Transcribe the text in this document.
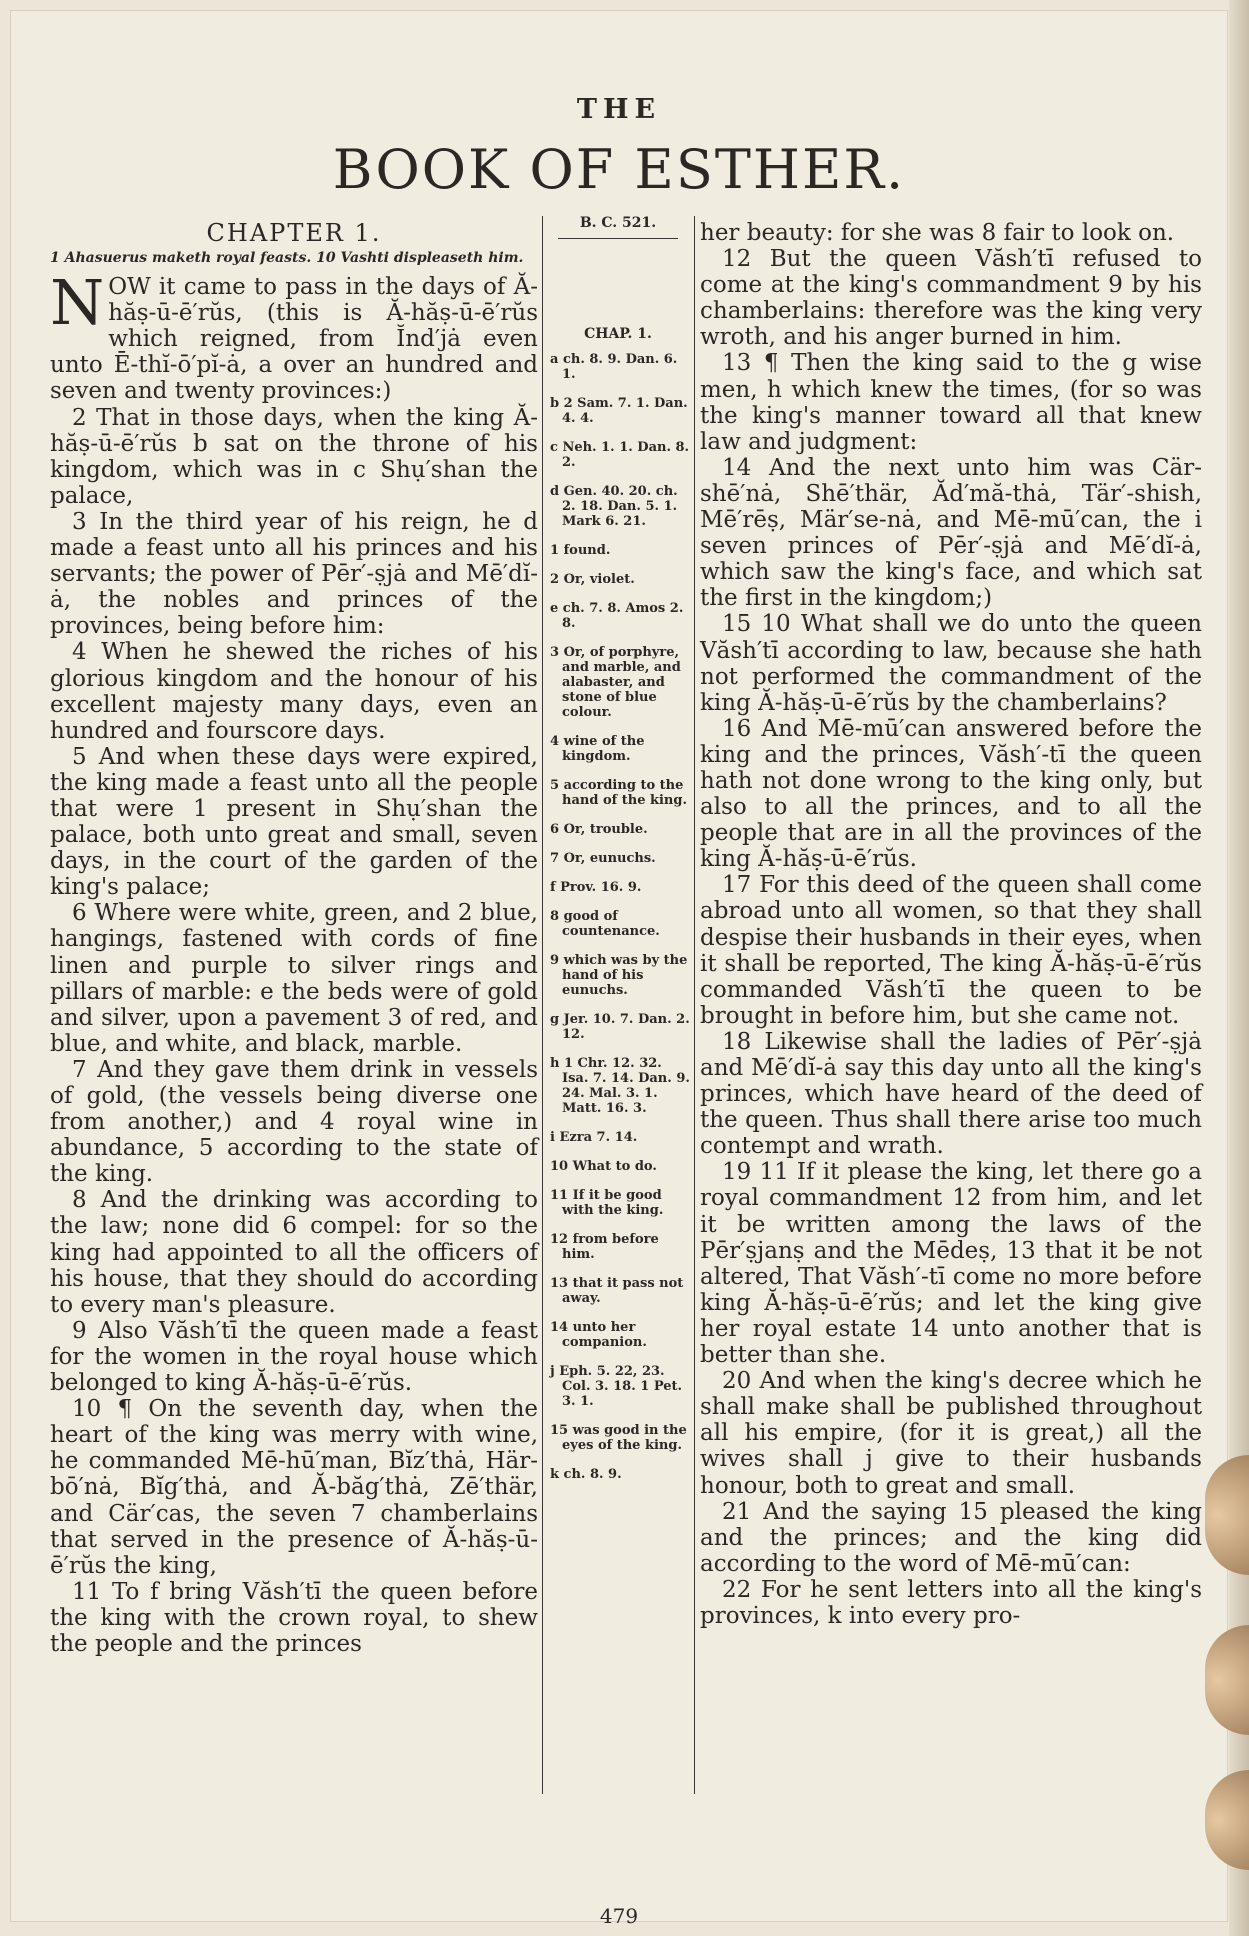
THE
BOOK OF ESTHER.
CHAPTER 1.
1 Ahasuerus maketh royal feasts. 10 Vashti displeaseth him.

NOW it came to pass in the days of Ă-hăṣ-ū-ē′rŭs, (this is Ă-hăṣ-ū-ē′rŭs which reigned, from Ĭnd′jȧ even unto Ē-thĭ-ō′pĭ-ȧ, a over an hundred and seven and twenty provinces:)

2 That in those days, when the king Ă-hăṣ-ū-ē′rŭs b sat on the throne of his kingdom, which was in c Shụ′shan the palace,

3 In the third year of his reign, he d made a feast unto all his princes and his servants; the power of Pēr′-ṣjȧ and Mē′dĭ-ȧ, the nobles and princes of the provinces, being before him:

4 When he shewed the riches of his glorious kingdom and the honour of his excellent majesty many days, even an hundred and fourscore days.

5 And when these days were expired, the king made a feast unto all the people that were 1 present in Shụ′shan the palace, both unto great and small, seven days, in the court of the garden of the king's palace;

6 Where were white, green, and 2 blue, hangings, fastened with cords of fine linen and purple to silver rings and pillars of marble: e the beds were of gold and silver, upon a pavement 3 of red, and blue, and white, and black, marble.

7 And they gave them drink in vessels of gold, (the vessels being diverse one from another,) and 4 royal wine in abundance, 5 according to the state of the king.

8 And the drinking was according to the law; none did 6 compel: for so the king had appointed to all the officers of his house, that they should do according to every man's pleasure.

9 Also Văsh′tī the queen made a feast for the women in the royal house which belonged to king Ă-hăṣ-ū-ē′rŭs.

10 ¶ On the seventh day, when the heart of the king was merry with wine, he commanded Mē-hū′man, Bĭz′thȧ, Här-bō′nȧ, Bĭg′thȧ, and Ă-băg′thȧ, Zē′thär, and Cär′cas, the seven 7 chamberlains that served in the presence of Ă-hăṣ-ū-ē′rŭs the king,

11 To f bring Văsh′tī the queen before the king with the crown royal, to shew the people and the princes

B. C. 521.
CHAP. 1.
a ch. 8. 9. Dan. 6. 1.
b 2 Sam. 7. 1. Dan. 4. 4.
c Neh. 1. 1. Dan. 8. 2.
d Gen. 40. 20. ch. 2. 18. Dan. 5. 1. Mark 6. 21.
1 found.
2 Or, violet.
e ch. 7. 8. Amos 2. 8.
3 Or, of porphyre, and marble, and alabaster, and stone of blue colour.
4 wine of the kingdom.
5 according to the hand of the king.
6 Or, trouble.
7 Or, eunuchs.
f Prov. 16. 9.
8 good of countenance.
9 which was by the hand of his eunuchs.
g Jer. 10. 7. Dan. 2. 12.
h 1 Chr. 12. 32. Isa. 7. 14. Dan. 9. 24. Mal. 3. 1. Matt. 16. 3.
i Ezra 7. 14.
10 What to do.
11 If it be good with the king.
12 from before him.
13 that it pass not away.
14 unto her companion.
j Eph. 5. 22, 23. Col. 3. 18. 1 Pet. 3. 1.
15 was good in the eyes of the king.
k ch. 8. 9.

her beauty: for she was 8 fair to look on.

12 But the queen Văsh′tī refused to come at the king's commandment 9 by his chamberlains: therefore was the king very wroth, and his anger burned in him.

13 ¶ Then the king said to the g wise men, h which knew the times, (for so was the king's manner toward all that knew law and judgment:

14 And the next unto him was Cär-shē′nȧ, Shē′thär, Ăd′mă-thȧ, Tär′-shish, Mē′rēṣ, Mär′se-nȧ, and Mē-mū′can, the i seven princes of Pēr′-ṣjȧ and Mē′dĭ-ȧ, which saw the king's face, and which sat the first in the kingdom;)

15 10 What shall we do unto the queen Văsh′tī according to law, because she hath not performed the commandment of the king Ă-hăṣ-ū-ē′rŭs by the chamberlains?

16 And Mē-mū′can answered before the king and the princes, Văsh′-tī the queen hath not done wrong to the king only, but also to all the princes, and to all the people that are in all the provinces of the king Ă-hăṣ-ū-ē′rŭs.

17 For this deed of the queen shall come abroad unto all women, so that they shall despise their husbands in their eyes, when it shall be reported, The king Ă-hăṣ-ū-ē′rŭs commanded Văsh′tī the queen to be brought in before him, but she came not.

18 Likewise shall the ladies of Pēr′-ṣjȧ and Mē′dĭ-ȧ say this day unto all the king's princes, which have heard of the deed of the queen. Thus shall there arise too much contempt and wrath.

19 11 If it please the king, let there go a royal commandment 12 from him, and let it be written among the laws of the Pēr′ṣjanṣ and the Mēdeṣ, 13 that it be not altered, That Văsh′-tī come no more before king Ă-hăṣ-ū-ē′rŭs; and let the king give her royal estate 14 unto another that is better than she.

20 And when the king's decree which he shall make shall be published throughout all his empire, (for it is great,) all the wives shall j give to their husbands honour, both to great and small.

21 And the saying 15 pleased the king and the princes; and the king did according to the word of Mē-mū′can:

22 For he sent letters into all the king's provinces, k into every pro-

479
